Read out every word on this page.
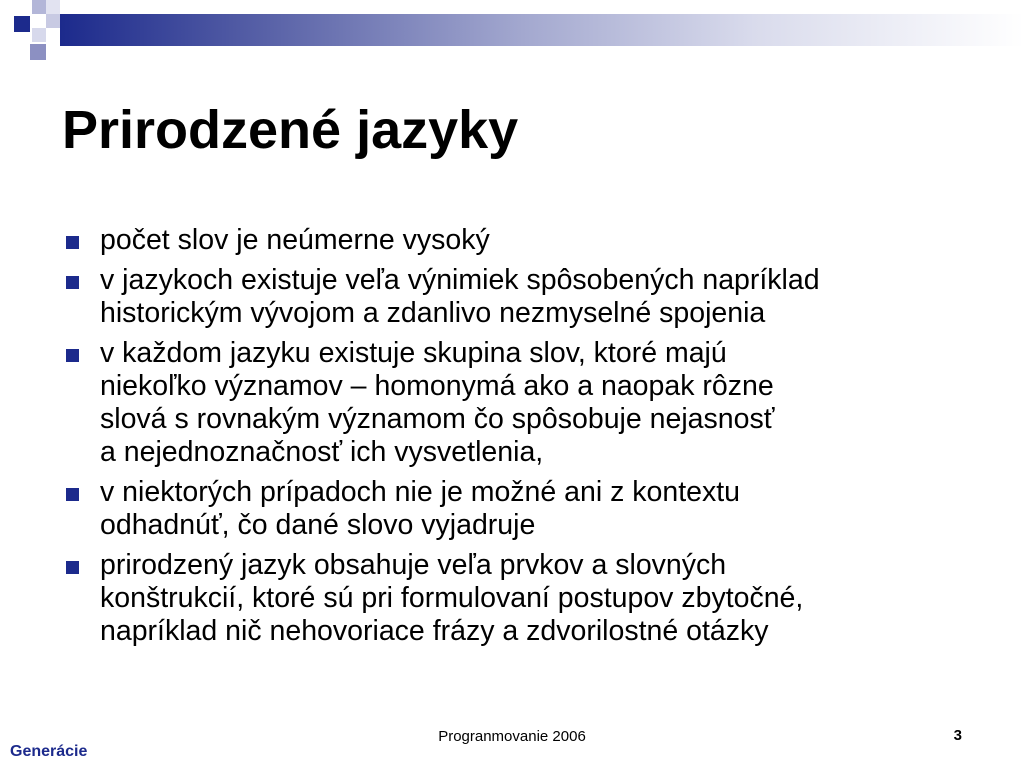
Prirodzené jazyky
počet slov je neúmerne vysoký
v jazykoch existuje veľa výnimiek spôsobených napríklad
historickým vývojom a zdanlivo nezmyselné spojenia
v každom jazyku existuje skupina slov, ktoré majú
niekoľko významov – homonymá ako a naopak rôzne
slová s rovnakým významom čo spôsobuje nejasnosť
a nejednoznačnosť ich vysvetlenia,
v niektorých prípadoch nie je možné ani z kontextu
odhadnúť, čo dané slovo vyjadruje
prirodzený jazyk obsahuje veľa prvkov a slovných
konštrukcií, ktoré sú pri formulovaní postupov zbytočné,
napríklad nič nehovoriace frázy a zdvorilostné otázky
Progranmovanie 2006	3
Generácie
